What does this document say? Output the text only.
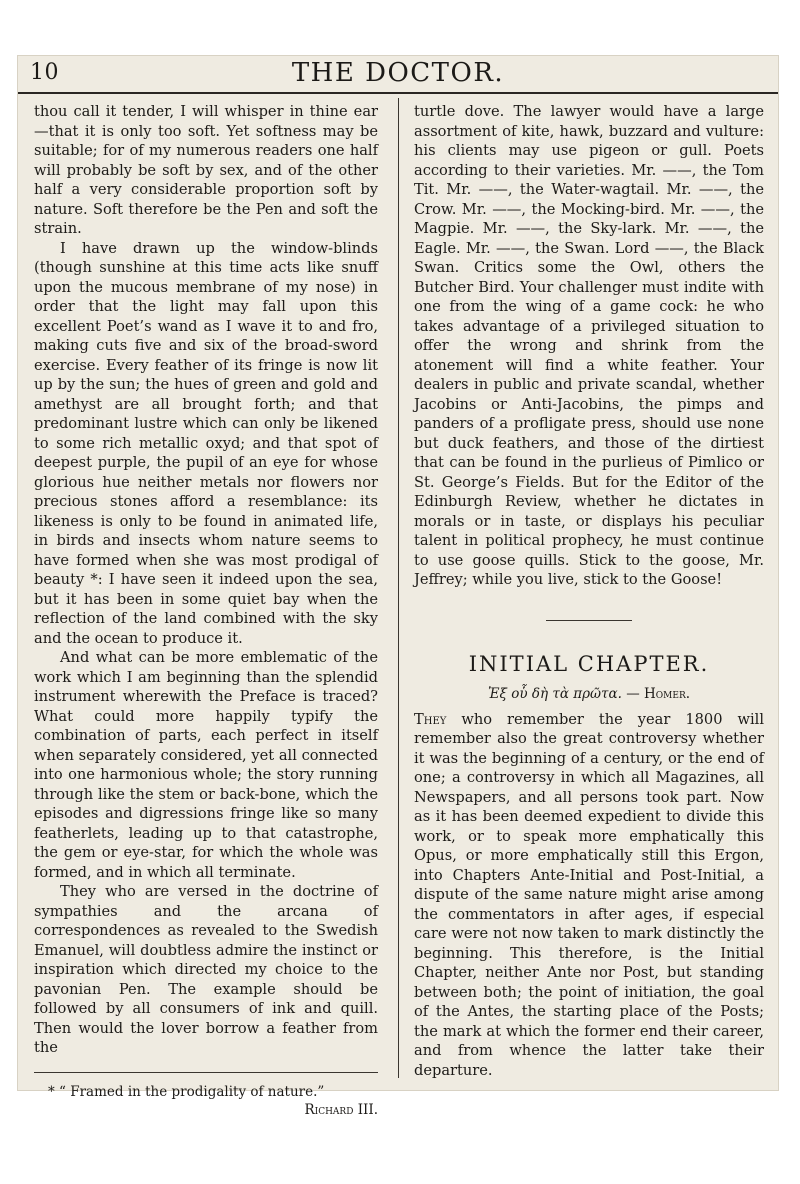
10	THE DOCTOR.

thou call it tender, I will whisper in thine ear—that it is only too soft. Yet softness may be suitable; for of my numerous readers one half will probably be soft by sex, and of the other half a very considerable proportion soft by nature. Soft therefore be the Pen and soft the strain.

I have drawn up the window-blinds (though sunshine at this time acts like snuff upon the mucous membrane of my nose) in order that the light may fall upon this excellent Poet’s wand as I wave it to and fro, making cuts five and six of the broad-sword exercise. Every feather of its fringe is now lit up by the sun; the hues of green and gold and amethyst are all brought forth; and that predominant lustre which can only be likened to some rich metallic oxyd; and that spot of deepest purple, the pupil of an eye for whose glorious hue neither metals nor flowers nor precious stones afford a resemblance: its likeness is only to be found in animated life, in birds and insects whom nature seems to have formed when she was most prodigal of beauty *: I have seen it indeed upon the sea, but it has been in some quiet bay when the reflection of the land combined with the sky and the ocean to produce it.

And what can be more emblematic of the work which I am beginning than the splendid instrument wherewith the Preface is traced? What could more happily typify the combination of parts, each perfect in itself when separately considered, yet all connected into one harmonious whole; the story running through like the stem or back-bone, which the episodes and digressions fringe like so many featherlets, leading up to that catastrophe, the gem or eye-star, for which the whole was formed, and in which all terminate.

They who are versed in the doctrine of sympathies and the arcana of correspondences as revealed to the Swedish Emanuel, will doubtless admire the instinct or inspiration which directed my choice to the pavonian Pen. The example should be followed by all consumers of ink and quill. Then would the lover borrow a feather from the

* “ Framed in the prodigality of nature.”

Richard III.

turtle dove. The lawyer would have a large assortment of kite, hawk, buzzard and vulture: his clients may use pigeon or gull. Poets according to their varieties. Mr. ——, the Tom Tit. Mr. ——, the Water-wagtail. Mr. ——, the Crow. Mr. ——, the Mocking-bird. Mr. ——, the Magpie. Mr. ——, the Sky-lark. Mr. ——, the Eagle. Mr. ——, the Swan. Lord ——, the Black Swan. Critics some the Owl, others the Butcher Bird. Your challenger must indite with one from the wing of a game cock: he who takes advantage of a privileged situation to offer the wrong and shrink from the atonement will find a white feather. Your dealers in public and private scandal, whether Jacobins or Anti-Jacobins, the pimps and panders of a profligate press, should use none but duck feathers, and those of the dirtiest that can be found in the purlieus of Pimlico or St. George’s Fields. But for the Editor of the Edinburgh Review, whether he dictates in morals or in taste, or displays his peculiar talent in political prophecy, he must continue to use goose quills. Stick to the goose, Mr. Jeffrey; while you live, stick to the Goose!

INITIAL CHAPTER.
Ἐξ οὗ δὴ τὰ πρῶτα. — Homer.

They who remember the year 1800 will remember also the great controversy whether it was the beginning of a century, or the end of one; a controversy in which all Magazines, all Newspapers, and all persons took part. Now as it has been deemed expedient to divide this work, or to speak more emphatically this Opus, or more emphatically still this Ergon, into Chapters Ante-Initial and Post-Initial, a dispute of the same nature might arise among the commentators in after ages, if especial care were not now taken to mark distinctly the beginning. This therefore, is the Initial Chapter, neither Ante nor Post, but standing between both; the point of initiation, the goal of the Antes, the starting place of the Posts; the mark at which the former end their career, and from whence the latter take their departure.
